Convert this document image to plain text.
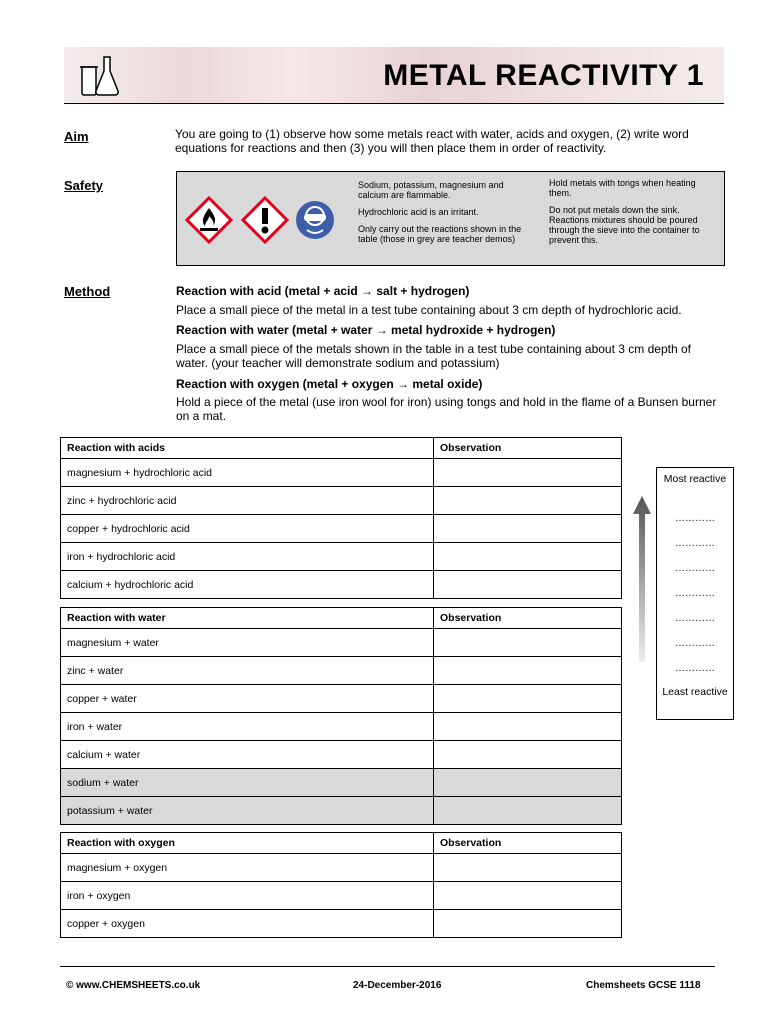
METAL REACTIVITY 1
Aim	You are going to (1) observe how some metals react with water, acids and oxygen, (2) write word equations for reactions and then (3) you will then place them in order of reactivity.
Safety	Sodium, potassium, magnesium and calcium are flammable.

Hydrochloric acid is an irritant.

Only carry out the reactions shown in the table (those in grey are teacher demos)

Hold metals with tongs when heating them.

Do not put metals down the sink. Reactions mixtures should be poured through the sieve into the container to prevent this.

Method	Reaction with acid (metal + acid → salt + hydrogen)
Place a small piece of the metal in a test tube containing about 3 cm depth of hydrochloric acid.
Reaction with water (metal + water → metal hydroxide + hydrogen)
Place a small piece of the metals shown in the table in a test tube containing about 3 cm depth of water. (your teacher will demonstrate sodium and potassium)
Reaction with oxygen (metal + oxygen → metal oxide)
Hold a piece of the metal (use iron wool for iron) using tongs and hold in the flame of a Bunsen burner on a mat.
Reaction with acids	Observation
magnesium + hydrochloric acid	
zinc + hydrochloric acid	
copper + hydrochloric acid	
iron + hydrochloric acid	
calcium + hydrochloric acid	
Reaction with water	Observation
magnesium + water	
zinc + water	
copper + water	
iron + water	
calcium + water	
sodium + water	
potassium + water	
Reaction with oxygen	Observation
magnesium + oxygen	
iron + oxygen	
copper + oxygen	
Most reactive
…………
…………
…………
…………
…………
…………
…………
Least reactive
© www.CHEMSHEETS.co.uk	24-December-2016	Chemsheets GCSE 1118
